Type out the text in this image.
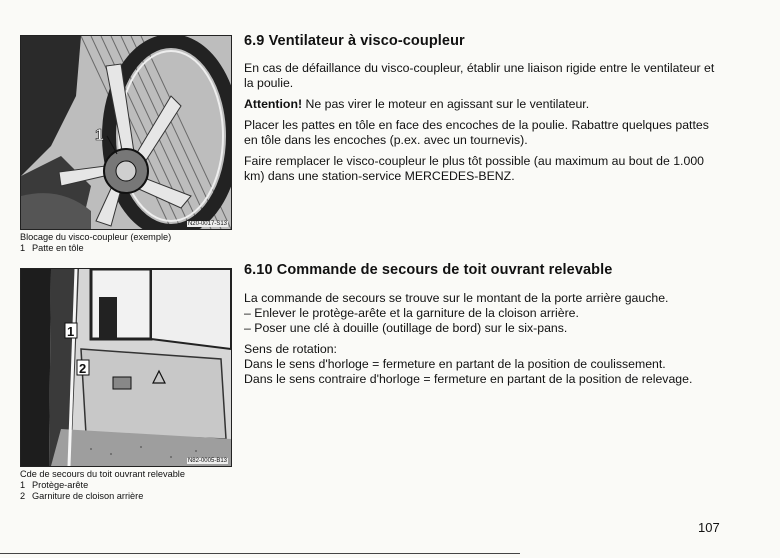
1
N20-0017-S13
Blocage du visco-coupleur (exemple)
1 Patte en tôle
1
2
N82-0005-B13
Cde de secours du toit ouvrant relevable
1 Protège-arête
2 Garniture de cloison arrière
6.9 Ventilateur à visco-coupleur

En cas de défaillance du visco-coupleur, établir une liaison rigide entre le ventilateur et la poulie.

Attention! Ne pas virer le moteur en agissant sur le ventilateur.

Placer les pattes en tôle en face des encoches de la poulie. Rabattre quelques pattes en tôle dans les encoches (p.ex. avec un tournevis).

Faire remplacer le visco-coupleur le plus tôt possible (au maximum au bout de 1.000 km) dans une station-service MERCEDES-BENZ.

6.10 Commande de secours de toit ouvrant relevable
La commande de secours se trouve sur le montant de la porte arrière gauche.
– Enlever le protège-arête et la garniture de la cloison arrière.
– Poser une clé à douille (outillage de bord) sur le six-pans.
Sens de rotation:
Dans le sens d'horloge = fermeture en partant de la position de coulissement.
Dans le sens contraire d'horloge = fermeture en partant de la position de relevage.
107
